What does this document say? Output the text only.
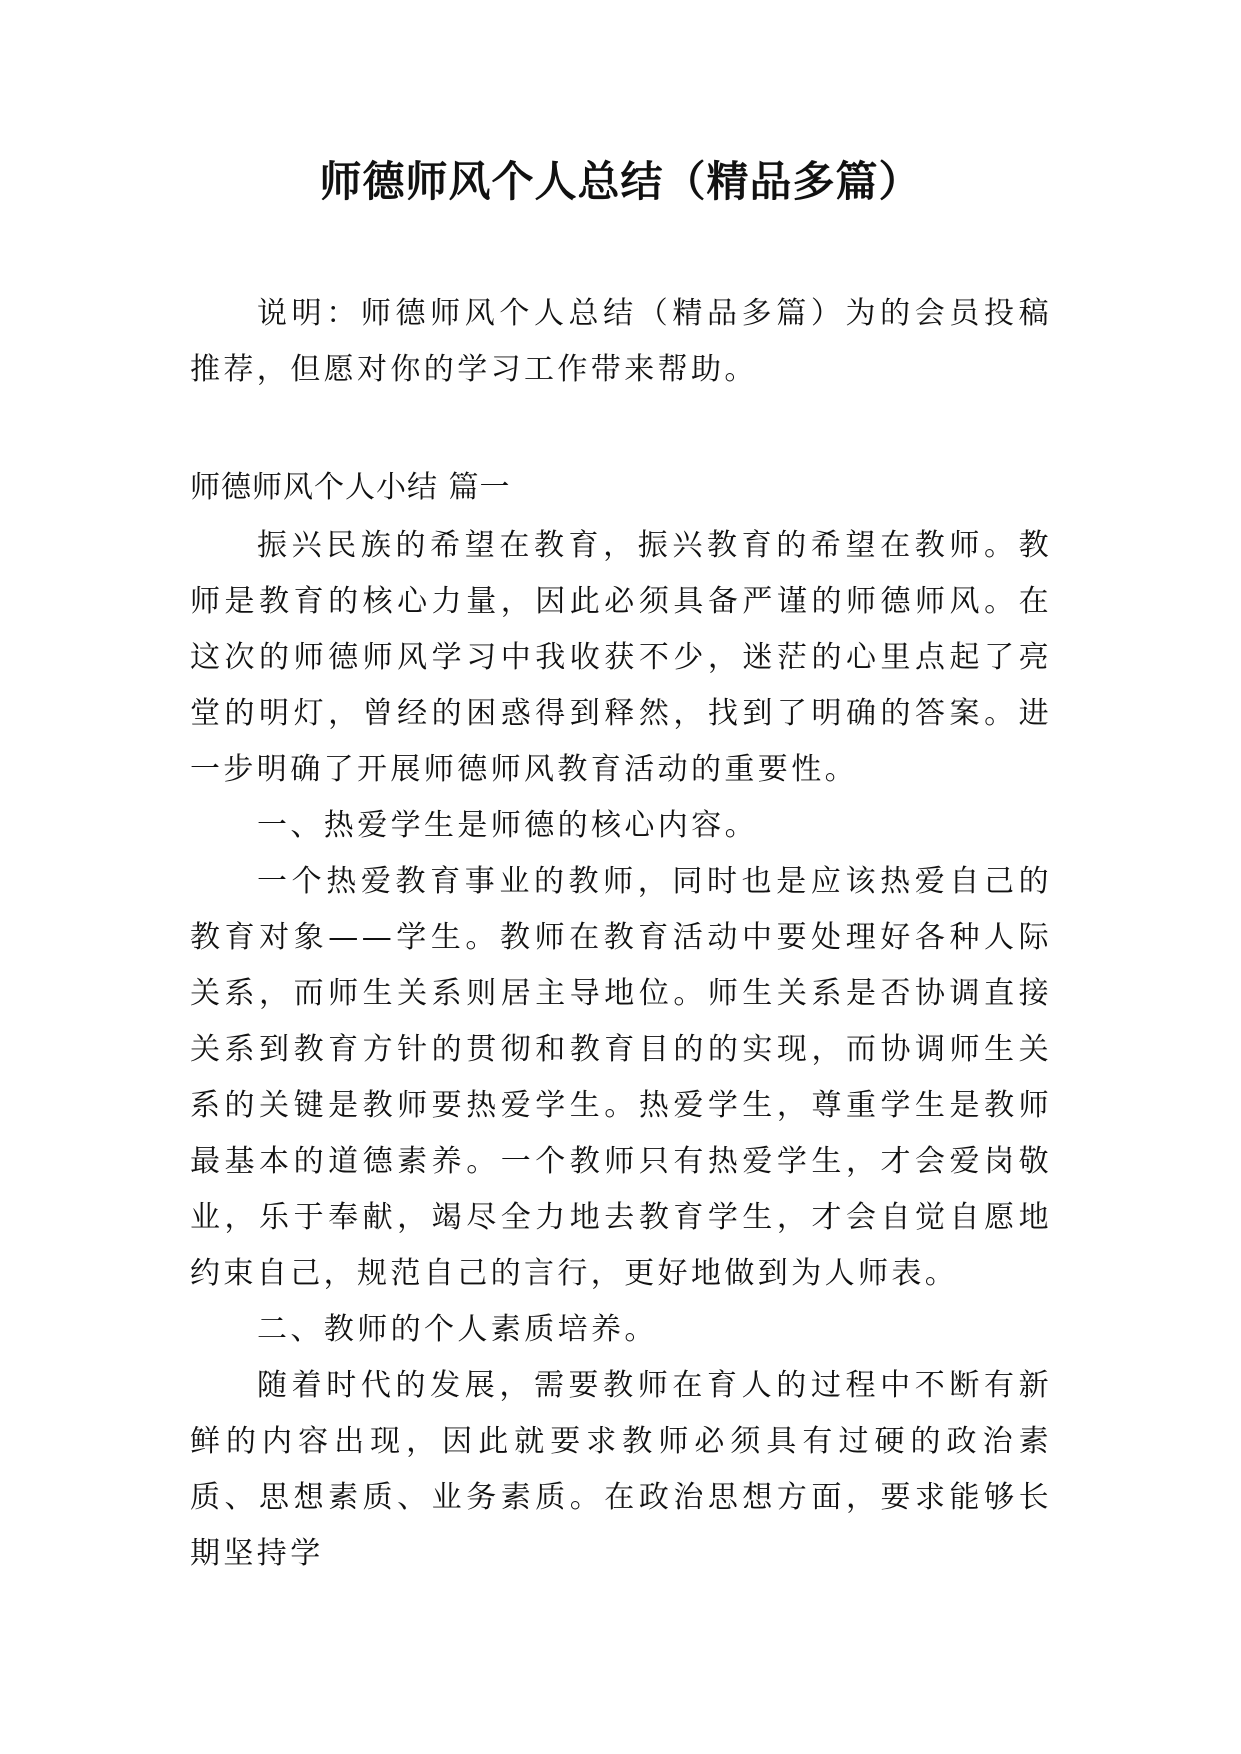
师德师风个人总结（精品多篇）

说明：师德师风个人总结（精品多篇）为的会员投稿推荐，但愿对你的学习工作带来帮助。

师德师风个人小结 篇一

振兴民族的希望在教育，振兴教育的希望在教师。教师是教育的核心力量，因此必须具备严谨的师德师风。在这次的师德师风学习中我收获不少，迷茫的心里点起了亮堂的明灯，曾经的困惑得到释然，找到了明确的答案。进一步明确了开展师德师风教育活动的重要性。

一、热爱学生是师德的核心内容。

一个热爱教育事业的教师，同时也是应该热爱自己的教育对象——学生。教师在教育活动中要处理好各种人际关系，而师生关系则居主导地位。师生关系是否协调直接关系到教育方针的贯彻和教育目的的实现，而协调师生关系的关键是教师要热爱学生。热爱学生，尊重学生是教师最基本的道德素养。一个教师只有热爱学生，才会爱岗敬业，乐于奉献，竭尽全力地去教育学生，才会自觉自愿地约束自己，规范自己的言行，更好地做到为人师表。

二、教师的个人素质培养。

随着时代的发展，需要教师在育人的过程中不断有新鲜的内容出现，因此就要求教师必须具有过硬的政治素质、思想素质、业务素质。在政治思想方面，要求能够长期坚持学
